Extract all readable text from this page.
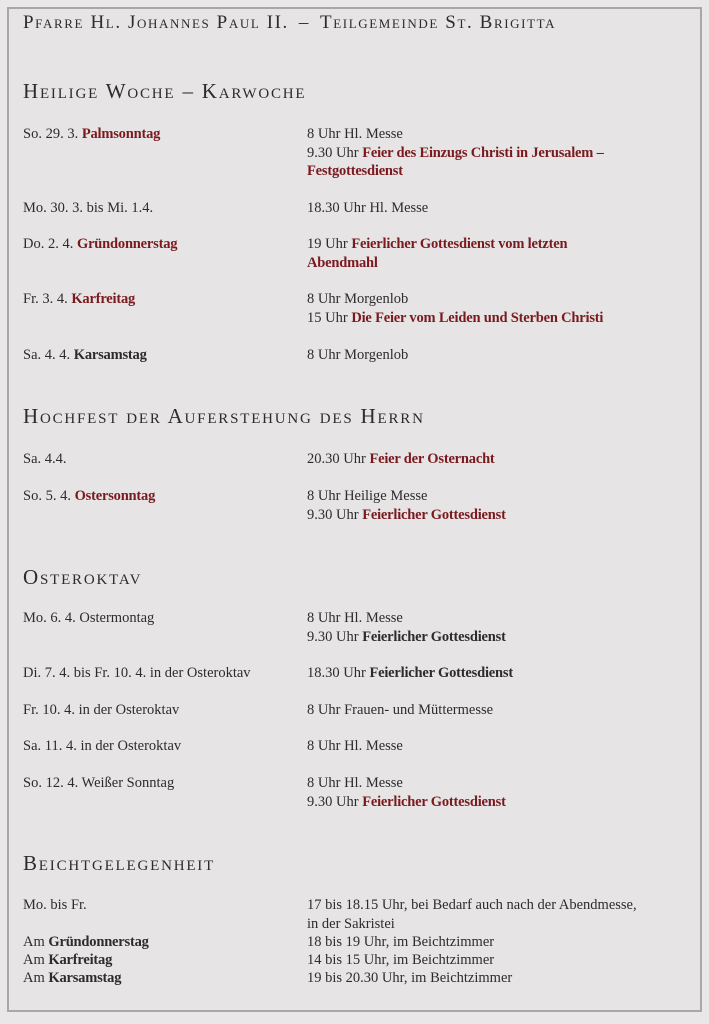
Pfarre Hl. Johannes Paul II. – Teilgemeinde St. Brigitta
Heilige Woche – Karwoche
So. 29. 3. Palmsonntag	8 Uhr Hl. Messe
9.30 Uhr Feier des Einzugs Christi in Jerusalem –
Festgottesdienst
Mo. 30. 3. bis Mi. 1.4.	18.30 Uhr Hl. Messe
Do. 2. 4. Gründonnerstag	19 Uhr Feierlicher Gottesdienst vom letzten
Abendmahl
Fr. 3. 4. Karfreitag	8 Uhr Morgenlob
15 Uhr Die Feier vom Leiden und Sterben Christi
Sa. 4. 4. Karsamstag	8 Uhr Morgenlob
Hochfest der Auferstehung des Herrn
Sa. 4.4.	20.30 Uhr Feier der Osternacht
So. 5. 4. Ostersonntag	8 Uhr Heilige Messe
9.30 Uhr Feierlicher Gottesdienst
Osteroktav
Mo. 6. 4. Ostermontag	8 Uhr Hl. Messe
9.30 Uhr Feierlicher Gottesdienst
Di. 7. 4. bis Fr. 10. 4. in der Osteroktav	18.30 Uhr Feierlicher Gottesdienst
Fr. 10. 4. in der Osteroktav	8 Uhr Frauen- und Müttermesse
Sa. 11. 4. in der Osteroktav	8 Uhr Hl. Messe
So. 12. 4. Weißer Sonntag	8 Uhr Hl. Messe
9.30 Uhr Feierlicher Gottesdienst
Beichtgelegenheit
Mo. bis Fr.	17 bis 18.15 Uhr, bei Bedarf auch nach der Abendmesse,
in der Sakristei
Am Gründonnerstag	18 bis 19 Uhr, im Beichtzimmer
Am Karfreitag	14 bis 15 Uhr, im Beichtzimmer
Am Karsamstag	19 bis 20.30 Uhr, im Beichtzimmer
